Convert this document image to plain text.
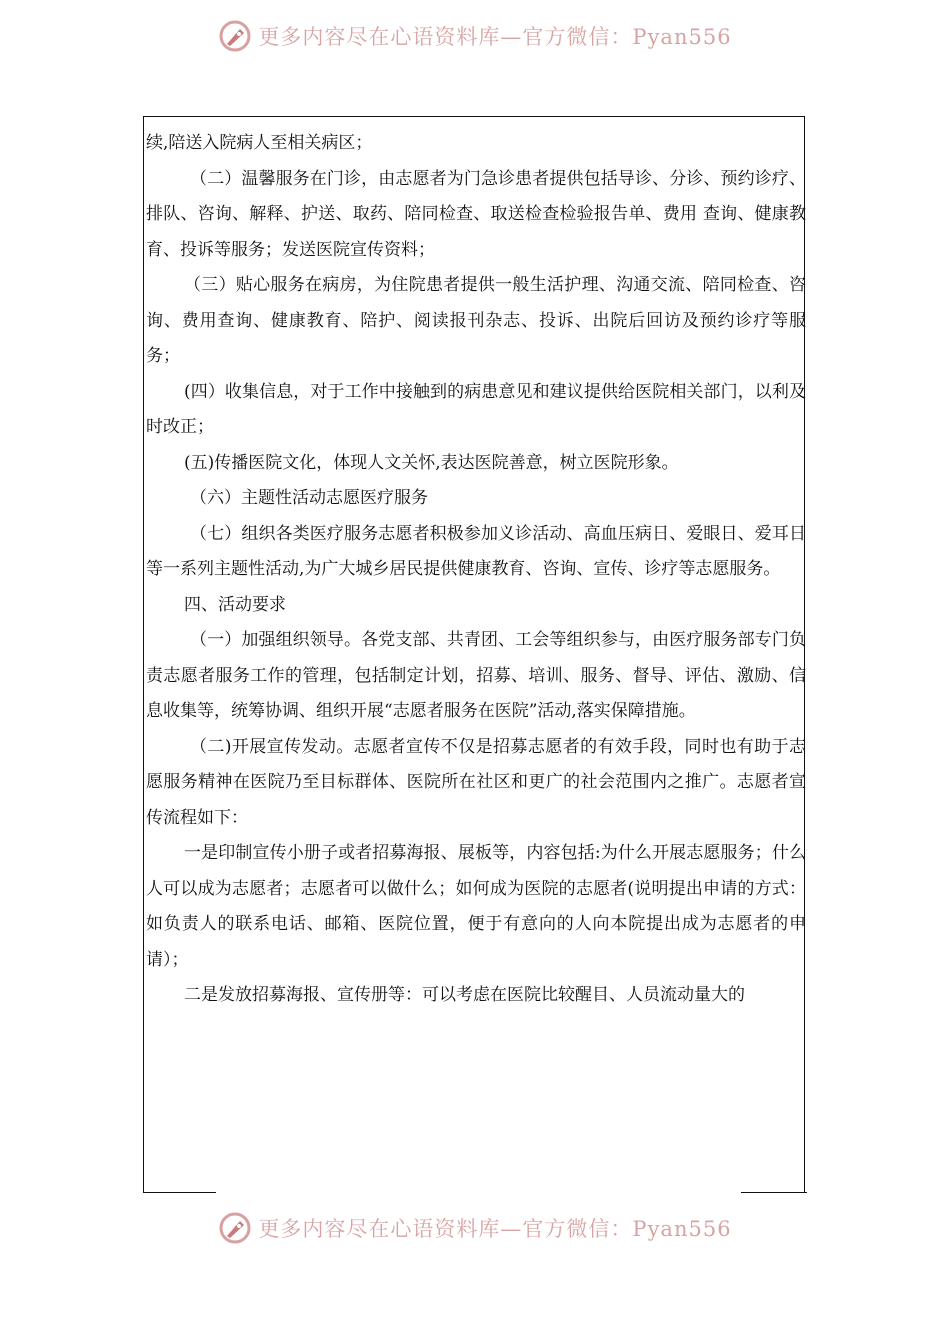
更多内容尽在心语资料库—官方微信：Pyan556

续,陪送入院病人至相关病区；

（二）温馨服务在门诊，由志愿者为门急诊患者提供包括导诊、分诊、预约诊疗、排队、咨询、解释、护送、取药、陪同检查、取送检查检验报告单、费用 查询、健康教育、投诉等服务；发送医院宣传资料；

（三）贴心服务在病房，为住院患者提供一般生活护理、沟通交流、陪同检查、咨询、费用查询、健康教育、陪护、阅读报刊杂志、投诉、出院后回访及预约诊疗等服务；

(四）收集信息，对于工作中接触到的病患意见和建议提供给医院相关部门，以利及时改正；

(五)传播医院文化，体现人文关怀,表达医院善意，树立医院形象。

（六）主题性活动志愿医疗服务

（七）组织各类医疗服务志愿者积极参加义诊活动、高血压病日、爱眼日、爱耳日等一系列主题性活动,为广大城乡居民提供健康教育、咨询、宣传、诊疗等志愿服务。

四、活动要求

（一）加强组织领导。各党支部、共青团、工会等组织参与，由医疗服务部专门负责志愿者服务工作的管理，包括制定计划，招募、培训、服务、督导、评估、激励、信息收集等，统筹协调、组织开展“志愿者服务在医院”活动,落实保障措施。

（二)开展宣传发动。志愿者宣传不仅是招募志愿者的有效手段，同时也有助于志愿服务精神在医院乃至目标群体、医院所在社区和更广的社会范围内之推广。志愿者宣传流程如下：

一是印制宣传小册子或者招募海报、展板等，内容包括:为什么开展志愿服务；什么人可以成为志愿者；志愿者可以做什么；如何成为医院的志愿者(说明提出申请的方式：如负责人的联系电话、邮箱、医院位置，便于有意向的人向本院提出成为志愿者的申请）；

二是发放招募海报、宣传册等：可以考虑在医院比较醒目、人员流动量大的

更多内容尽在心语资料库—官方微信：Pyan556
